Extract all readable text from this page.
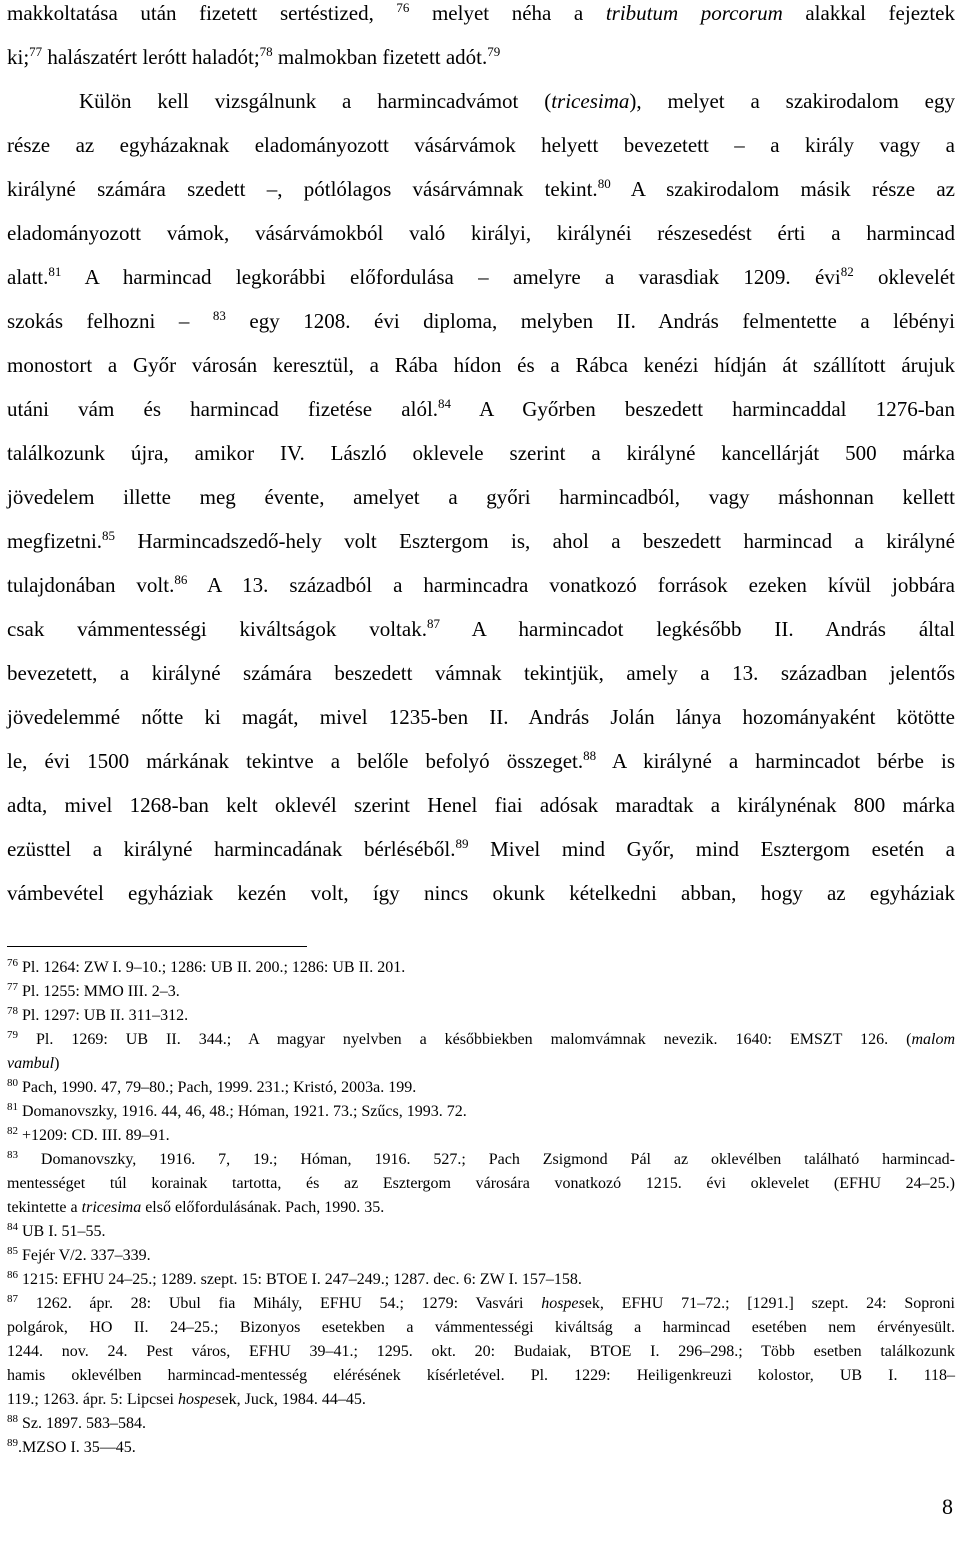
makkoltatása után fizetett sertéstized, $^{76}$ melyet néha a tributum porcorum alakkal fejeztek
ki;$^{77}$ halászatért lerótt haladót;$^{78}$ malmokban fizetett adót.$^{79}$
Külön kell vizsgálnunk a harmincadvámot (tricesima), melyet a szakirodalom egy
része az egyházaknak eladományozott vásárvámok helyett bevezetett – a király vagy a
királyné számára szedett –, pótlólagos vásárvámnak tekint.$^{80}$ A szakirodalom másik része az
eladományozott vámok, vásárvámokból való királyi, királynéi részesedést érti a harmincad
alatt.$^{81}$ A harmincad legkorábbi előfordulása – amelyre a varasdiak 1209. évi$^{82}$ oklevelét
szokás felhozni – $^{83}$ egy 1208. évi diploma, melyben II. András felmentette a lébényi
monostort a Győr városán keresztül, a Rába hídon és a Rábca kenézi hídján át szállított árujuk
utáni vám és harmincad fizetése alól.$^{84}$ A Győrben beszedett harmincaddal 1276-ban
találkozunk újra, amikor IV. László oklevele szerint a királyné kancellárját 500 márka
jövedelem illette meg évente, amelyet a győri harmincadból, vagy máshonnan kellett
megfizetni.$^{85}$ Harmincadszedő-hely volt Esztergom is, ahol a beszedett harmincad a királyné
tulajdonában volt.$^{86}$ A 13. századból a harmincadra vonatkozó források ezeken kívül jobbára
csak vámmentességi kiváltságok voltak.$^{87}$ A harmincadot legkésőbb II. András által
bevezetett, a királyné számára beszedett vámnak tekintjük, amely a 13. században jelentős
jövedelemmé nőtte ki magát, mivel 1235-ben II. András Jolán lánya hozományaként kötötte
le, évi 1500 márkának tekintve a belőle befolyó összeget.$^{88}$ A királyné a harmincadot bérbe is
adta, mivel 1268-ban kelt oklevél szerint Henel fiai adósak maradtak a királynénak 800 márka
ezüsttel a királyné harmincadának bérléséből.$^{89}$ Mivel mind Győr, mind Esztergom esetén a
vámbevétel egyháziak kezén volt, így nincs okunk kételkedni abban, hogy az egyháziak
$^{76}$ Pl. 1264: ZW I. 9–10.; 1286: UB II. 200.; 1286: UB II. 201.
$^{77}$ Pl. 1255: MMO III. 2–3.
$^{78}$ Pl. 1297: UB II. 311–312.
$^{79}$ Pl. 1269: UB II. 344.; A magyar nyelvben a későbbiekben malomvámnak nevezik. 1640: EMSZT 126. (malom
vambul)
$^{80}$ Pach, 1990. 47, 79–80.; Pach, 1999. 231.; Kristó, 2003a. 199.
$^{81}$ Domanovszky, 1916. 44, 46, 48.; Hóman, 1921. 73.; Szűcs, 1993. 72.
$^{82}$ +1209: CD. III. 89–91.
$^{83}$ Domanovszky, 1916. 7, 19.; Hóman, 1916. 527.; Pach Zsigmond Pál az oklevélben található harmincad-
mentességet túl korainak tartotta, és az Esztergom városára vonatkozó 1215. évi oklevelet (EFHU 24–25.)
tekintette a tricesima első előfordulásának. Pach, 1990. 35.
$^{84}$ UB I. 51–55.
$^{85}$ Fejér V/2. 337–339.
$^{86}$ 1215: EFHU 24–25.; 1289. szept. 15: BTOE I. 247–249.; 1287. dec. 6: ZW I. 157–158.
$^{87}$ 1262. ápr. 28: Ubul fia Mihály, EFHU 54.; 1279: Vasvári hospesek, EFHU 71–72.; [1291.] szept. 24: Soproni
polgárok, HO II. 24–25.; Bizonyos esetekben a vámmentességi kiváltság a harmincad esetében nem érvényesült.
1244. nov. 24. Pest város, EFHU 39–41.; 1295. okt. 20: Budaiak, BTOE I. 296–298.; Több esetben találkozunk
hamis oklevélben harmincad-mentesség elérésének kísérletével. Pl. 1229: Heiligenkreuzi kolostor, UB I. 118–
119.; 1263. ápr. 5: Lipcsei hospesek, Juck, 1984. 44–45.
$^{88}$ Sz. 1897. 583–584.
$^{89}$.MZSO I. 35—45.
8
